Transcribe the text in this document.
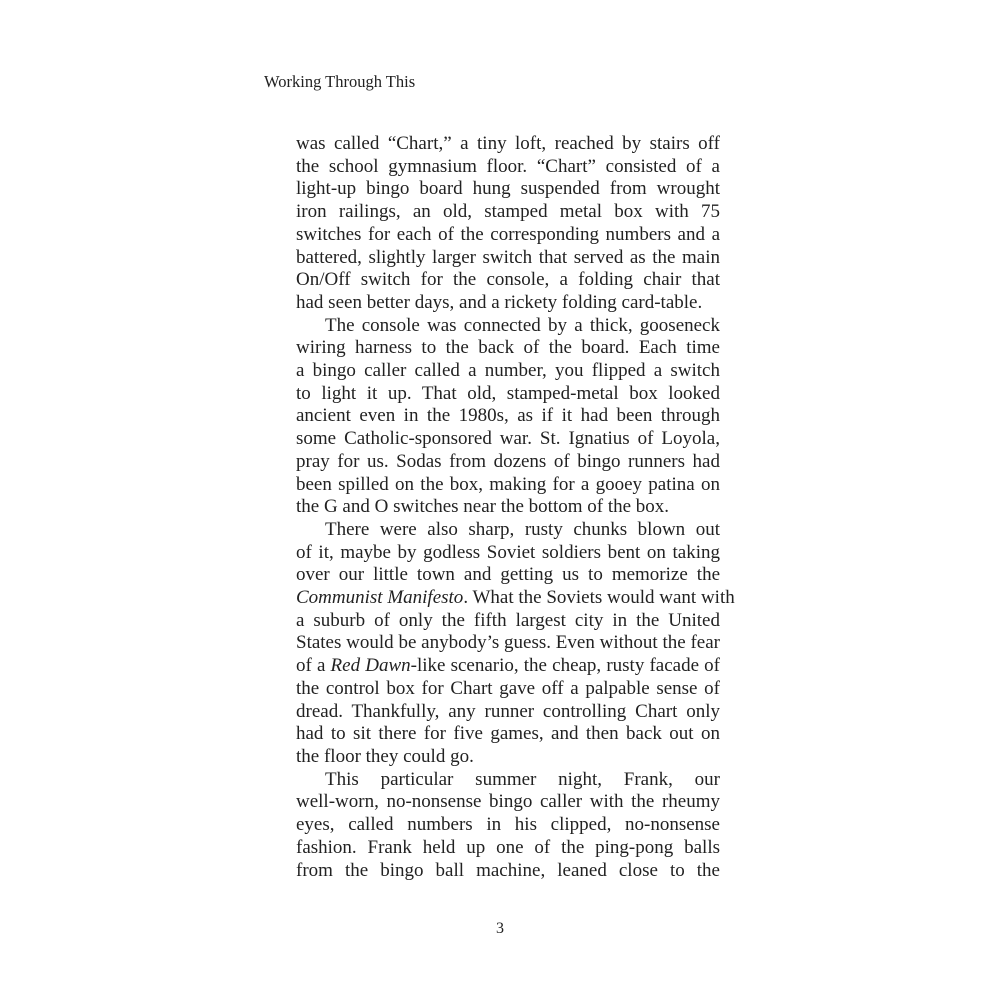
Working Through This
was called “Chart,” a tiny loft, reached by stairs off
the school gymnasium floor. “Chart” consisted of a
light-up bingo board hung suspended from wrought
iron railings, an old, stamped metal box with 75
switches for each of the corresponding numbers and a
battered, slightly larger switch that served as the main
On/Off switch for the console, a folding chair that
had seen better days, and a rickety folding card-table.
The console was connected by a thick, gooseneck
wiring harness to the back of the board. Each time
a bingo caller called a number, you flipped a switch
to light it up. That old, stamped-metal box looked
ancient even in the 1980s, as if it had been through
some Catholic-sponsored war. St. Ignatius of Loyola,
pray for us. Sodas from dozens of bingo runners had
been spilled on the box, making for a gooey patina on
the G and O switches near the bottom of the box.
There were also sharp, rusty chunks blown out
of it, maybe by godless Soviet soldiers bent on taking
over our little town and getting us to memorize the
Communist Manifesto. What the Soviets would want with
a suburb of only the fifth largest city in the United
States would be anybody’s guess. Even without the fear
of a Red Dawn-like scenario, the cheap, rusty facade of
the control box for Chart gave off a palpable sense of
dread. Thankfully, any runner controlling Chart only
had to sit there for five games, and then back out on
the floor they could go.
This particular summer night, Frank, our
well-worn, no-nonsense bingo caller with the rheumy
eyes, called numbers in his clipped, no-nonsense
fashion. Frank held up one of the ping-pong balls
from the bingo ball machine, leaned close to the
3
